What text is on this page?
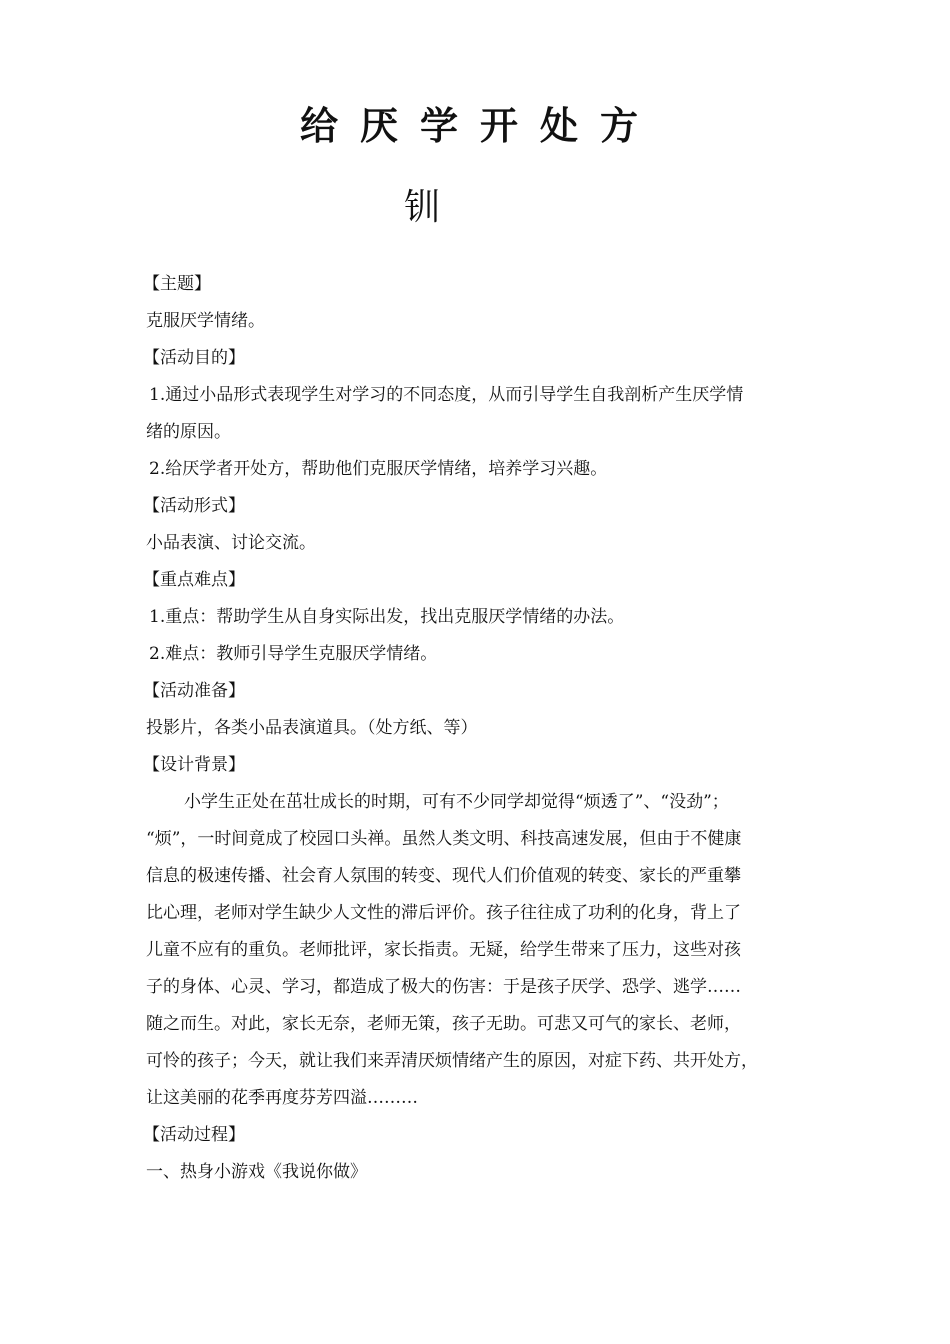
给厌学开处方
钏
【主题】
克服厌学情绪。
【活动目的】
1.通过小品形式表现学生对学习的不同态度，从而引导学生自我剖析产生厌学情
绪的原因。
2.给厌学者开处方，帮助他们克服厌学情绪，培养学习兴趣。
【活动形式】
小品表演、讨论交流。
【重点难点】
1.重点：帮助学生从自身实际出发，找出克服厌学情绪的办法。
2.难点：教师引导学生克服厌学情绪。
【活动准备】
投影片，各类小品表演道具。（处方纸、等）
【设计背景】
小学生正处在茁壮成长的时期，可有不少同学却觉得“烦透了”、“没劲”；
“烦”，一时间竟成了校园口头禅。虽然人类文明、科技高速发展，但由于不健康
信息的极速传播、社会育人氛围的转变、现代人们价值观的转变、家长的严重攀
比心理，老师对学生缺少人文性的滞后评价。孩子往往成了功利的化身，背上了
儿童不应有的重负。老师批评，家长指责。无疑，给学生带来了压力，这些对孩
子的身体、心灵、学习，都造成了极大的伤害：于是孩子厌学、恐学、逃学……
随之而生。对此，家长无奈，老师无策，孩子无助。可悲又可气的家长、老师，
可怜的孩子；今天，就让我们来弄清厌烦情绪产生的原因，对症下药、共开处方，
让这美丽的花季再度芬芳四溢………
【活动过程】
一、热身小游戏《我说你做》
